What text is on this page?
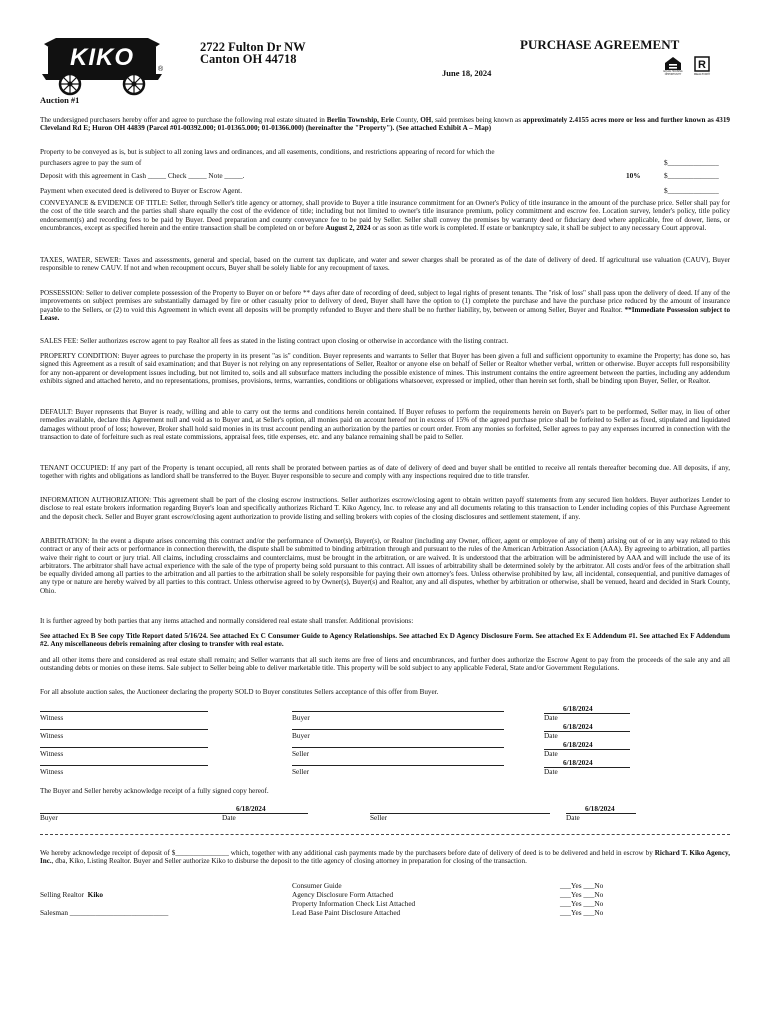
KIKO	®
2722 Fulton Dr NW
Canton OH 44718
PURCHASE AGREEMENT
June 18, 2024	EQUAL HOUSING OPPORTUNITY
R
REALTOR®
Auction #1

The undersigned purchasers hereby offer and agree to purchase the following real estate situated in Berlin Township, Erie County, OH, said premises being known as approximately 2.4155 acres more or less and further known as 4319 Cleveland Rd E; Huron OH 44839 (Parcel #01-00392.000; 01-01365.000; 01-01366.000) (hereinafter the "Property"). (See attached Exhibit A – Map)

Property to be conveyed as is, but is subject to all zoning laws and ordinances, and all easements, conditions, and restrictions appearing of record for which the

purchasers agree to pay the sum of	$______________
Deposit with this agreement in Cash _____ Check _____ Note _____.	10%	$______________
Payment when executed deed is delivered to Buyer or Escrow Agent.	$______________

CONVEYANCE & EVIDENCE OF TITLE: Seller, through Seller's title agency or attorney, shall provide to Buyer a title insurance commitment for an Owner's Policy of title insurance in the amount of the purchase price. Seller shall pay for the cost of the title search and the parties shall share equally the cost of the evidence of title; including but not limited to owner's title insurance premium, policy commitment and escrow fee. Location survey, lender's policy, title policy endorsement(s) and recording fees to be paid by Buyer. Deed preparation and county conveyance fee to be paid by Seller. Seller shall convey the premises by warranty deed or fiduciary deed where applicable, free of dower, liens, or encumbrances, except as specified herein and the entire transaction shall be completed on or before August 2, 2024 or as soon as title work is completed. If estate or bankruptcy sale, it shall be subject to any necessary Court approval.

TAXES, WATER, SEWER: Taxes and assessments, general and special, based on the current tax duplicate, and water and sewer charges shall be prorated as of the date of delivery of deed. If agricultural use valuation (CAUV), Buyer responsible to renew CAUV. If not and when recoupment occurs, Buyer shall be solely liable for any recoupment of taxes.

POSSESSION: Seller to deliver complete possession of the Property to Buyer on or before ** days after date of recording of deed, subject to legal rights of present tenants. The "risk of loss" shall pass upon the delivery of deed. If any of the improvements on subject premises are substantially damaged by fire or other casualty prior to delivery of deed, Buyer shall have the option to (1) complete the purchase and have the purchase price reduced by the amount of insurance payable to the Sellers, or (2) to void this Agreement in which event all deposits will be promptly refunded to Buyer and there shall be no further liability, by, between or among Seller, Buyer and Realtor. **Immediate Possession subject to Lease.

SALES FEE: Seller authorizes escrow agent to pay Realtor all fees as stated in the listing contract upon closing or otherwise in accordance with the listing contract.

PROPERTY CONDITION: Buyer agrees to purchase the property in its present "as is" condition. Buyer represents and warrants to Seller that Buyer has been given a full and sufficient opportunity to examine the Property; has done so, has signed this Agreement as a result of said examination; and that Buyer is not relying on any representations of Seller, Realtor or anyone else on behalf of Seller or Realtor whether verbal, written or otherwise. Buyer accepts full responsibility for any non-apparent or development issues including, but not limited to, soils and all subsurface matters including the possible existence of mines. This instrument contains the entire agreement between the parties, including any addendum exhibits signed and attached hereto, and no representations, promises, provisions, terms, warranties, conditions or obligations whatsoever, expressed or implied, other than herein set forth, shall be binding upon Buyer, Seller, or Realtor.

DEFAULT: Buyer represents that Buyer is ready, willing and able to carry out the terms and conditions herein contained. If Buyer refuses to perform the requirements herein on Buyer's part to be performed, Seller may, in lieu of other remedies available, declare this Agreement null and void as to Buyer and, at Seller's option, all monies paid on account hereof not in excess of 15% of the agreed purchase price shall be forfeited to Seller as fixed, stipulated and liquidated damages without proof of loss; however, Broker shall hold said monies in its trust account pending an authorization by the parties or court order. From any monies so forfeited, Seller agrees to pay any expenses incurred in connection with the transaction to date of forfeiture such as real estate commissions, appraisal fees, title expenses, etc. and any balance remaining shall be paid to Seller.

TENANT OCCUPIED: If any part of the Property is tenant occupied, all rents shall be prorated between parties as of date of delivery of deed and buyer shall be entitled to receive all rentals thereafter becoming due. All deposits, if any, together with rights and obligations as landlord shall be transferred to the Buyer. Buyer responsible to secure and comply with any inspections required due to title transfer.

INFORMATION AUTHORIZATION: This agreement shall be part of the closing escrow instructions. Seller authorizes escrow/closing agent to obtain written payoff statements from any secured lien holders. Buyer authorizes Lender to disclose to real estate brokers information regarding Buyer's loan and specifically authorizes Richard T. Kiko Agency, Inc. to release any and all documents relating to this transaction to Lender including copies of this Purchase Agreement and the deposit check. Seller and Buyer grant escrow/closing agent authorization to provide listing and selling brokers with copies of the closing disclosures and settlement statement, if any.

ARBITRATION: In the event a dispute arises concerning this contract and/or the performance of Owner(s), Buyer(s), or Realtor (including any Owner, officer, agent or employee of any of them) arising out of or in any way related to this contract or any of their acts or performance in connection therewith, the dispute shall be submitted to binding arbitration through and pursuant to the rules of the American Arbitration Association (AAA). By agreeing to arbitration, all parties waive their right to court or jury trial. All claims, including crossclaims and counterclaims, must be brought in the arbitration, or are waived. It is understood that the arbitration will be administered by AAA and will include the use of its arbitrators. The arbitrator shall have actual experience with the sale of the type of property being sold pursuant to this contract. All issues of arbitrability shall be determined solely by the arbitrator. All costs and/or fees of the arbitration shall be equally divided among all parties to the arbitration and all parties to the arbitration shall be solely responsible for paying their own attorney's fees. Unless otherwise prohibited by law, all incidental, consequential, and punitive damages of any type or nature are hereby waived by all parties to this contract. Unless otherwise agreed to by Owner(s), Buyer(s) and Realtor, any and all disputes, whether by arbitration or otherwise, shall be venued, heard and decided in Stark County, Ohio.

It is further agreed by both parties that any items attached and normally considered real estate shall transfer. Additional provisions:

See attached Ex B See copy Title Report dated 5/16/24. See attached Ex C Consumer Guide to Agency Relationships. See attached Ex D Agency Disclosure Form. See attached Ex E Addendum #1. See attached Ex F Addendum #2. Any miscellaneous debris remaining after closing to transfer with real estate.

and all other items there and considered as real estate shall remain; and Seller warrants that all such items are free of liens and encumbrances, and further does authorize the Escrow Agent to pay from the proceeds of the sale any and all outstanding debts or monies on these items. Sale subject to Seller being able to deliver marketable title. This property will be sold subject to any applicable Federal, State and/or Government Regulations.

For all absolute auction sales, the Auctioneer declaring the property SOLD to Buyer constitutes Sellers acceptance of this offer from Buyer.

Witness	Buyer
6/18/2024
Date
Witness	Buyer
6/18/2024
Date
Witness	Seller
6/18/2024
Date
Witness	Seller
6/18/2024
Date

The Buyer and Seller hereby acknowledge receipt of a fully signed copy hereof.

Buyer
6/18/2024
Date	Seller
6/18/2024
Date

We hereby acknowledge receipt of deposit of $_______________ which, together with any additional cash payments made by the purchasers before date of delivery of deed is to be delivered and held in escrow by Richard T. Kiko Agency, Inc., dba, Kiko, Listing Realtor. Buyer and Seller authorize Kiko to disburse the deposit to the title agency of closing attorney in preparation for closing of the transaction.

Selling Realtor Kiko
Salesman ___________________________
Consumer Guide	___Yes ___No
Agency Disclosure Form Attached	___Yes ___No
Property Information Check List Attached	___Yes ___No
Lead Base Paint Disclosure Attached	___Yes ___No
